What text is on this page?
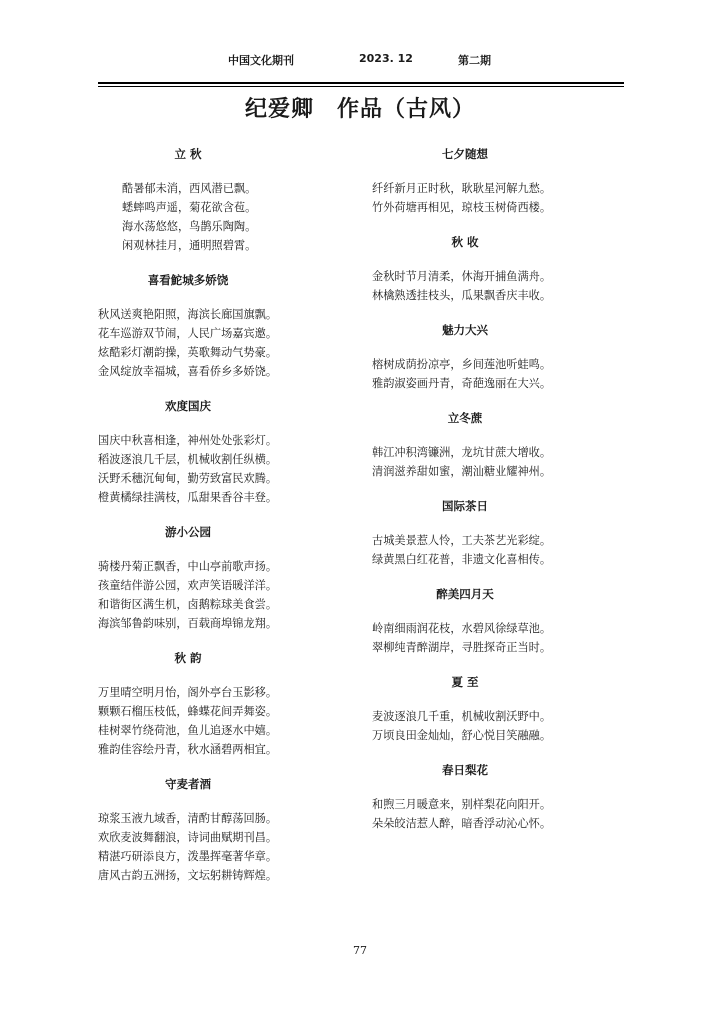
中国文化期刊	2023. 12	第二期
纪爱卿　作品（古风）
立 秋
酷暑郁未消，西风潜已飘。
蟋蟀鸣声遥，菊花欲含苞。
海水荡悠悠，鸟鹊乐陶陶。
闲观林挂月，通明照碧霄。
喜看鮀城多娇饶
秋风送爽艳阳照，海滨长廊国旗飘。
花车巡游双节闹，人民广场嘉宾邀。
炫酷彩灯潮韵操，英歌舞动气势豪。
金风绽放幸福城，喜看侨乡多娇饶。
欢度国庆
国庆中秋喜相逢，神州处处张彩灯。
稻波逐浪几千层，机械收割任纵横。
沃野禾穗沉甸甸，勤劳致富民欢腾。
橙黄橘绿挂满枝，瓜甜果香谷丰登。
游小公园
骑楼丹菊正飘香，中山亭前歌声扬。
孩童结伴游公园，欢声笑语暖洋洋。
和谐街区满生机，卤鹅粽球美食尝。
海滨邹鲁韵味别，百载商埠锦龙翔。
秋 韵
万里晴空明月怡，阁外亭台玉影移。
颗颗石榴压枝低，蜂蝶花间弄舞姿。
桂树翠竹绕荷池，鱼儿追逐水中嬉。
雅韵佳容绘丹青，秋水涵碧两相宜。
守麦者酒
琼浆玉液九域香，清酌甘醇荡回肠。
欢欣麦波舞翻浪，诗词曲赋期刊昌。
精湛巧研添良方，泼墨挥毫著华章。
唐风古韵五洲扬，文坛躬耕铸辉煌。
七夕随想
纤纤新月正时秋，耿耿星河解九愁。
竹外荷塘再相见，琼枝玉树倚西楼。
秋 收
金秋时节月清柔，休海开捕鱼满舟。
林檎熟透挂枝头，瓜果飘香庆丰收。
魅力大兴
榕树成荫扮凉亭，乡间莲池听蛙鸣。
雅韵淑姿画丹青，奇葩逸丽在大兴。
立冬蔗
韩江冲积湾镰洲，龙坑甘蔗大增收。
清润滋养甜如蜜，潮汕糖业耀神州。
国际茶日
古城美景惹人怜，工夫茶艺光彩绽。
绿黄黑白红花普，非遗文化喜相传。
醉美四月天
岭南细雨润花枝，水碧风徐绿草池。
翠柳纯青醉湖岸，寻胜探奇正当时。
夏 至
麦波逐浪几千重，机械收割沃野中。
万顷良田金灿灿，舒心悦目笑融融。
春日梨花
和煦三月暖意来，别样梨花向阳开。
朵朵皎洁惹人醉，暗香浮动沁心怀。
77
